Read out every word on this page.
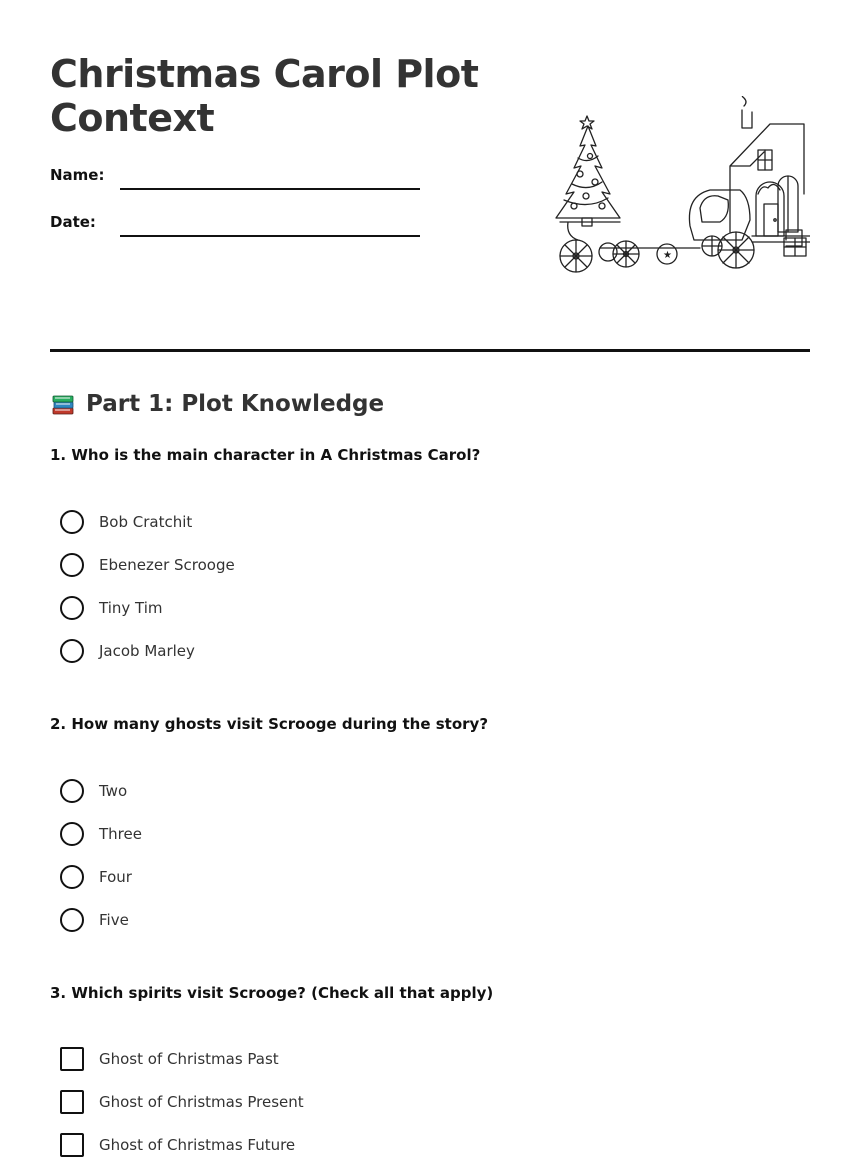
Christmas Carol Plot Context
Name:
Date:
★
Part 1: Plot Knowledge
1. Who is the main character in A Christmas Carol?
Bob Cratchit
Ebenezer Scrooge
Tiny Tim
Jacob Marley
2. How many ghosts visit Scrooge during the story?
Two
Three
Four
Five
3. Which spirits visit Scrooge? (Check all that apply)
Ghost of Christmas Past
Ghost of Christmas Present
Ghost of Christmas Future
